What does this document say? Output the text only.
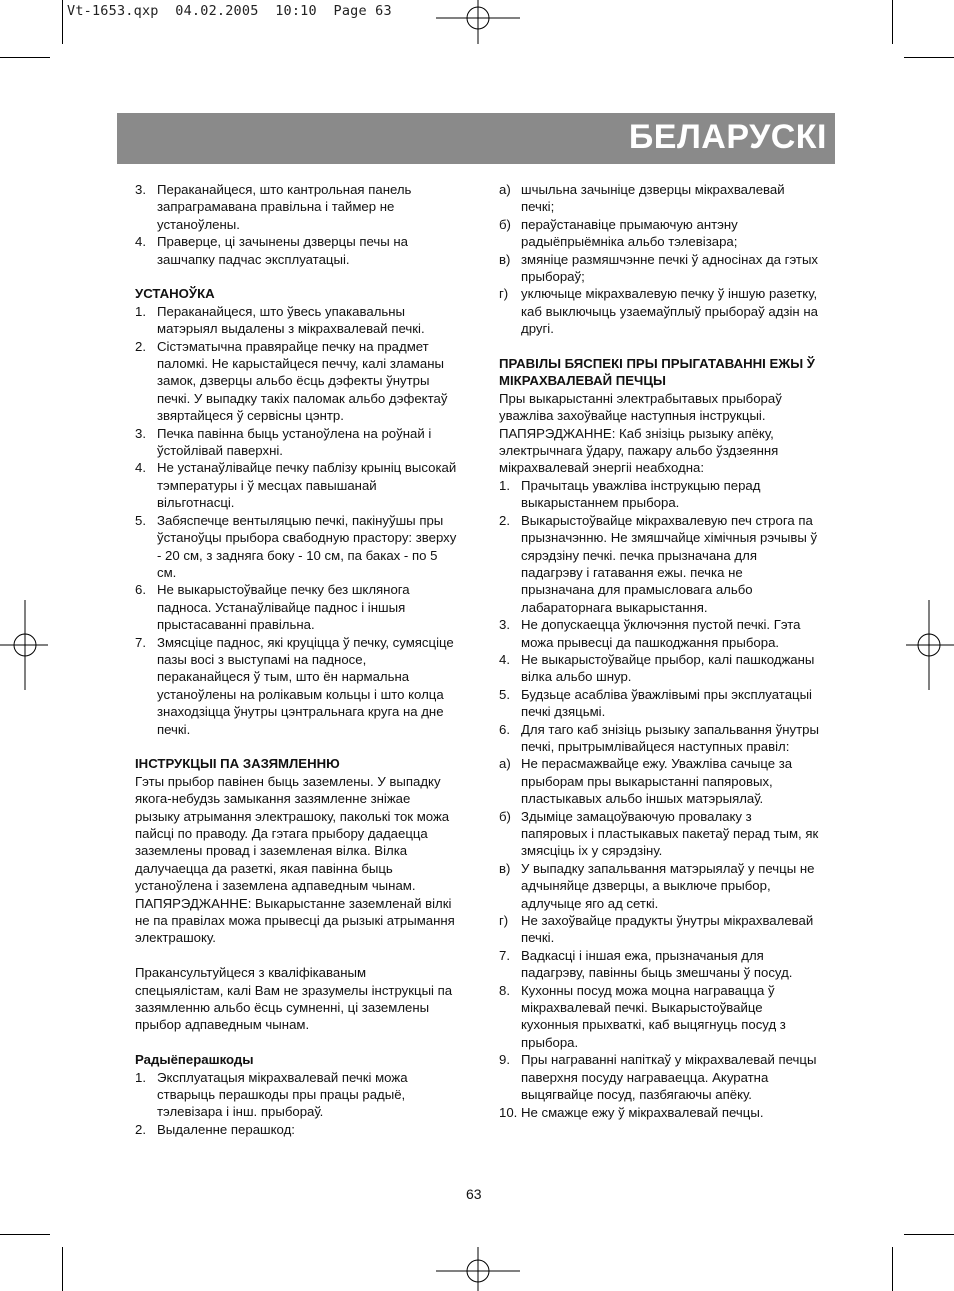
Vt-1653.qxp  04.02.2005  10:10  Page 63
БЕЛАРУСКІ
3. Пераканайцеся, што кантрольная панель запраграмавана правільна і таймер не устаноўлены.
4. Праверце, ці зачынены дзверцы печы на зашчапку падчас эксплуатацыі.
УСТАНОЎКА
1. Пераканайцеся, што ўвесь упакавальны матэрыял выдалены з мікрахвалевай печкі.
2. Сістэматычна правярайце печку на прадмет паломкі. Не карыстайцеся печчу, калі зламаны замок, дзверцы альбо ёсць дэфекты ўнутры печкі. У выпадку такіх паломак альбо дэфектаў звяртайцеся ў сервісны цэнтр.
3. Печка павінна быць устаноўлена на роўнай і ўстойлівай паверхні.
4. Не устанаўлівайце печку паблізу крыніц высокай тэмпературы і ў месцах павышанай вільготнасці.
5. Забяспечце вентыляцыю печкі, пакінуўшы пры ўстаноўцы прыбора свабодную прастору: зверху - 20 см, з задняга боку - 10 см, па баках - по 5 см.
6. Не выкарыстоўвайце печку без шклянога падноса. Устанаўлівайце паднос і іншыя прыстасаванні правільна.
7. Змясціце паднос, які круціцца ў печку, сумясціце пазы восі з выступамі на падносе, пераканайцеся ў тым, што ён нармальна устаноўлены на ролікавым кольцы і што колца знаходзіцца ўнутры цэнтральнага круга на дне печкі.
ІНСТРУКЦЫІ ПА ЗАЗЯМЛЕННЮ
Гэты прыбор павінен быць заземлены. У выпадку якога-небудзь замыкання зазямленне зніжае рызыку атрымання электрашоку, паколькі ток можа пайсці по праводу. Да гэтага прыбору дадаецца заземлены провад і заземленая вілка. Вілка далучаецца да разеткі, якая павінна быць устаноўлена і заземлена адпаведным чынам.
ПАПЯРЭДЖАННЕ: Выкарыстанне заземленай вілкі не па правілах можа прывесці да рызыкі атрымання электрашоку.
Пракансультуйцеся з кваліфікаваным спецыялістам, калі Вам не зразумелы інструкцыі па зазямленню альбо ёсць сумненні, ці заземлены прыбор адпаведным чынам.
Радыёперашкоды
1. Эксплуатацыя мікрахвалевай печкі можа стварыць перашкоды пры працы радыё, тэлевізара і інш. прыбораў.
2. Выдаленне перашкод:
а) шчыльна зачыніце дзверцы мікрахвалевай печкі;
б) пераўстанавіце прымаючую антэну радыёпрыёмніка альбо тэлевізара;
в) змяніце размяшчэнне печкі ў адносінах да гэтых прыбораў;
г) уключыце мікрахвалевую печку ў іншую разетку, каб выключыць узаемаўплыў прыбораў адзін на другі.
ПРАВІЛЫ БЯСПЕКІ ПРЫ ПРЫГАТАВАННІ ЕЖЫ Ў МІКРАХВАЛЕВАЙ ПЕЧЦЫ
Пры выкарыстанні электрабытавых прыбораў уважліва захоўвайце наступныя інструкцыі.
ПАПЯРЭДЖАННЕ: Каб знізіць рызыку апёку, электрычнага ўдару, пажару альбо ўздзеяння мікрахвалевай энергіі неабходна:
1. Прачытаць уважліва інструкцыю перад выкарыстаннем прыбора.
2. Выкарыстоўвайце мікрахвалевую печ строга па прызначэнню. Не змяшчайце хімічныя рэчывы ў сярэдзіну печкі. печка прызначана для падагрэву і гатавання ежы. печка не прызначана для прамысловага альбо лабараторнага выкарыстання.
3. Не допускаецца ўключэння пустой печкі. Гэта можа прывесці да пашкоджання прыбора.
4. Не выкарыстоўвайце прыбор, калі пашкоджаны вілка альбо шнур.
5. Будзьце асабліва ўважлівымі пры эксплуатацыі печкі дзяцьмі.
6. Для таго каб знізіць рызыку запальвання ўнутры печкі, прытрымлівайцеся наступных правіл:
а) Не перасмажвайце ежу. Уважліва сачыце за прыборам пры выкарыстанні папяровых, пластыкавых альбо іншых матэрыялаў.
б) Здыміце замацоўваючую провалаку з папяровых і пластыкавых пакетаў перад тым, як змясціць іх у сярэдзіну.
в) У выпадку запальвання матэрыялаў у печцы не адчыняйце дзверцы, а выключе прыбор, адлучыце яго ад сеткі.
г) Не захоўвайце прадукты ўнутры мікрахвалевай печкі.
7. Вадкасці і іншая ежа, прызначаныя для падагрэву, павінны быць змешчаны ў посуд.
8. Кухонны посуд можа моцна награвацца ў мікрахвалевай печкі. Выкарыстоўвайце кухонныя прыхваткі, каб выцягнуць посуд з прыбора.
9. Пры награванні напіткаў у мікрахвалевай печцы паверхня посуду награваецца. Акуратна выцягвайце посуд, пазбягаючы апёку.
10. Не смажце ежу ў мікрахвалевай печцы.
63
